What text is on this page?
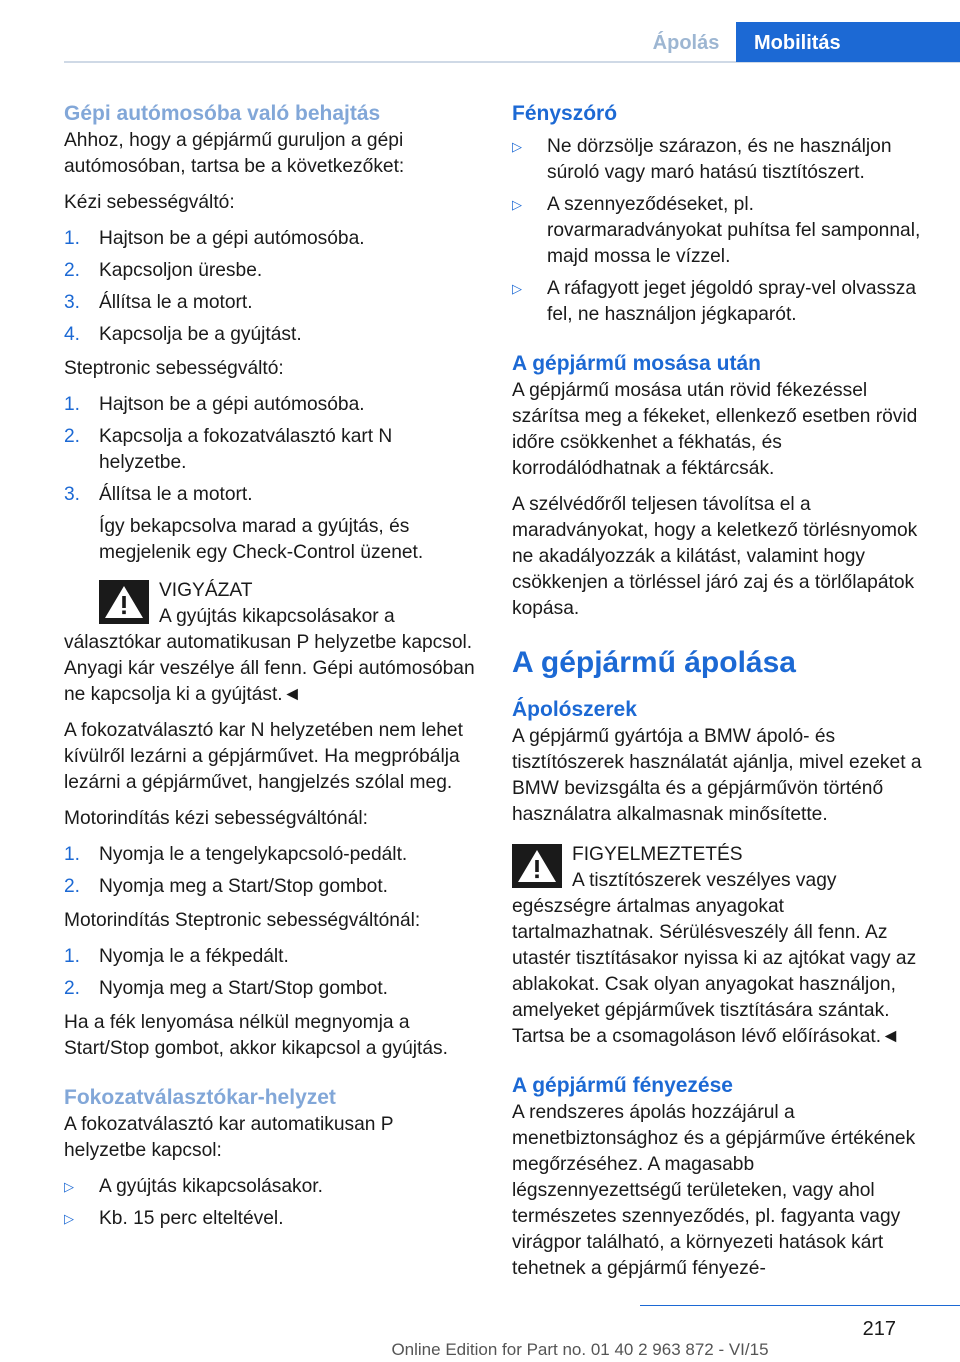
Ápolás	Mobilitás
Gépi autómosóba való behajtás

Ahhoz, hogy a gépjármű guruljon a gépi autómosóban, tartsa be a következőket:

Kézi sebességváltó:

1. Hajtson be a gépi autómosóba.
2. Kapcsoljon üresbe.
3. Állítsa le a motort.
4. Kapcsolja be a gyújtást.

Steptronic sebességváltó:

1. Hajtson be a gépi autómosóba.
2. Kapcsolja a fokozatválasztó kart N helyzetbe.
3. Állítsa le a motort.
Így bekapcsolva marad a gyújtás, és megjelenik egy Check-Control üzenet.

VIGYÁZAT

A gyújtás kikapcsolásakor a választókar automatikusan P helyzetbe kapcsol. Anyagi kár veszélye áll fenn. Gépi autómosóban ne kapcsolja ki a gyújtást.◄

A fokozatválasztó kar N helyzetében nem lehet kívülről lezárni a gépjárművet. Ha megpróbálja lezárni a gépjárművet, hangjelzés szólal meg.

Motorindítás kézi sebességváltónál:

1. Nyomja le a tengelykapcsoló-pedált.
2. Nyomja meg a Start/Stop gombot.

Motorindítás Steptronic sebességváltónál:

1. Nyomja le a fékpedált.
2. Nyomja meg a Start/Stop gombot.

Ha a fék lenyomása nélkül megnyomja a Start/Stop gombot, akkor kikapcsol a gyújtás.

Fokozatválasztókar-helyzet

A fokozatválasztó kar automatikusan P helyzetbe kapcsol:

▷ A gyújtás kikapcsolásakor.
▷ Kb. 15 perc elteltével.
Fényszóró
▷ Ne dörzsölje szárazon, és ne használjon súroló vagy maró hatású tisztítószert.
▷ A szennyeződéseket, pl. rovarmaradványokat puhítsa fel samponnal, majd mossa le vízzel.
▷ A ráfagyott jeget jégoldó spray-vel olvassza fel, ne használjon jégkaparót.
A gépjármű mosása után

A gépjármű mosása után rövid fékezéssel szárítsa meg a fékeket, ellenkező esetben rövid időre csökkenhet a fékhatás, és korrodálódhatnak a féktárcsák.

A szélvédőről teljesen távolítsa el a maradványokat, hogy a keletkező törlésnyomok ne akadályozzák a kilátást, valamint hogy csökkenjen a törléssel járó zaj és a törlőlapátok kopása.

A gépjármű ápolása
Ápolószerek

A gépjármű gyártója a BMW ápoló- és tisztítószerek használatát ajánlja, mivel ezeket a BMW bevizsgálta és a gépjárművön történő használatra alkalmasnak minősítette.

FIGYELMEZTETÉS

A tisztítószerek veszélyes vagy egészségre ártalmas anyagokat tartalmazhatnak. Sérülésveszély áll fenn. Az utastér tisztításakor nyissa ki az ajtókat vagy az ablakokat. Csak olyan anyagokat használjon, amelyeket gépjárművek tisztítására szántak. Tartsa be a csomagoláson lévő előírásokat.◄

A gépjármű fényezése

A rendszeres ápolás hozzájárul a menetbiztonsághoz és a gépjárműve értékének megőrzéséhez. A magasabb légszennyezettségű területeken, vagy ahol természetes szennyeződés, pl. fagyanta vagy virágpor található, a környezeti hatások kárt tehetnek a gépjármű fényezé-

217
Online Edition for Part no. 01 40 2 963 872 - VI/15
